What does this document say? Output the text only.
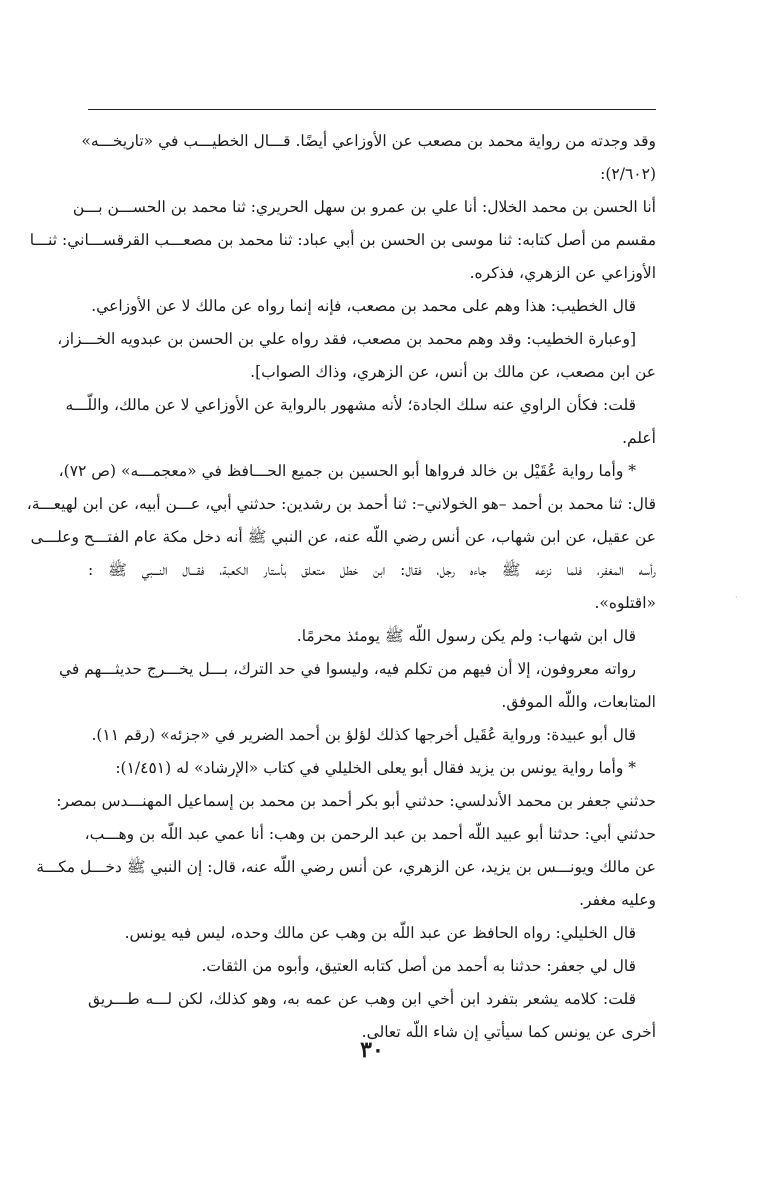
وقد وجدته من رواية محمد بن مصعب عن الأوزاعي أيضًا. قـــال الخطيـــب في «تاريخـــه»
(٢/٦٠٢):
أنا الحسن بن محمد الخلال: أنا علي بن عمرو بن سهل الحريري: ثنا محمد بن الحســـن بـــن
مقسم من أصل كتابه: ثنا موسى بن الحسن بن أبي عباد: ثنا محمد بن مصعـــب القرقســـاني: ثنـــا
الأوزاعي عن الزهري، فذكره.
قال الخطيب: هذا وهم على محمد بن مصعب، فإنه إنما رواه عن مالك لا عن الأوزاعي.
[وعبارة الخطيب: وقد وهم محمد بن مصعب، فقد رواه علي بن الحسن بن عبدويه الخـــزاز،
عن ابن مصعب، عن مالك بن أنس، عن الزهري، وذاك الصواب].
قلت: فكأن الراوي عنه سلك الجادة؛ لأنه مشهور بالرواية عن الأوزاعي لا عن مالك، واللّـــه
أعلم.
* وأما رواية عُقَيْل بن خالد فرواها أبو الحسين بن جميع الحـــافظ في «معجمـــه» (ص ٧٢)،
قال: ثنا محمد بن أحمد –هو الخولاني–: ثنا أحمد بن رشدين: حدثني أبي، عـــن أبيه، عن ابن لهيعـــة،
عن عقيل، عن ابن شهاب، عن أنس رضي اللّه عنه، عن النبي ﷺ أنه دخل مكة عام الفتـــح وعلـــى
رأسه المغفر، فلما نزعه ﷺ جاءه رجل، فقال: ابن خطل متعلق بأستار الكعبة، فقـــال النـــبي ﷺ :
«اقتلوه».
قال ابن شهاب: ولم يكن رسول اللّه ﷺ يومئذ محرمًا.
رواته معروفون، إلا أن فيهم من تكلم فيه، وليسوا في حد الترك، بـــل يخـــرج حديثـــهم في
المتابعات، واللّه الموفق.
قال أبو عبيدة: ورواية عُقَيل أخرجها كذلك لؤلؤ بن أحمد الضرير في «جزئه» (رقم ١١).
* وأما رواية يونس بن يزيد فقال أبو يعلى الخليلي في كتاب «الإرشاد» له (١/٤٥١):
حدثني جعفر بن محمد الأندلسي: حدثني أبو بكر أحمد بن محمد بن إسماعيل المهنـــدس بمصر:
حدثني أبي: حدثنا أبو عبيد اللّه أحمد بن عبد الرحمن بن وهب: أنا عمي عبد اللّه بن وهـــب،
عن مالك ويونـــس بن يزيد، عن الزهري، عن أنس رضي اللّه عنه، قال: إن النبي ﷺ دخـــل مكـــة
وعليه مغفر.
قال الخليلي: رواه الحافظ عن عبد اللّه بن وهب عن مالك وحده، ليس فيه يونس.
قال لي جعفر: حدثنا به أحمد من أصل كتابه العتيق، وأبوه من الثقات.
قلت: كلامه يشعر بتفرد ابن أخي ابن وهب عن عمه به، وهو كذلك، لكن لـــه طـــريق
أخرى عن يونس كما سيأتي إن شاء اللّه تعالى.
٣٠
·
